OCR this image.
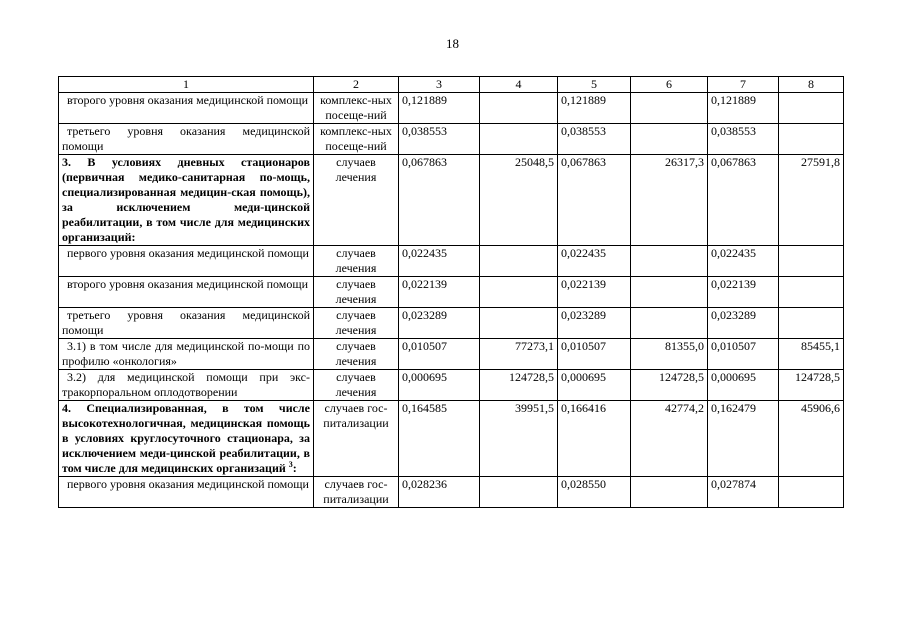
18
1	2	3	4	5	6	7	8
второго уровня оказания медицинской помощи	комплекс-ных посеще-ний	0,121889		0,121889		0,121889	
третьего уровня оказания медицинской помощи	комплекс-ных посеще-ний	0,038553		0,038553		0,038553	
3. В условиях дневных стационаров (первичная медико-санитарная по-мощь, специализированная медицин-ская помощь), за исключением меди-цинской реабилитации, в том числе для медицинских организаций:	случаев лечения	0,067863	25048,5	0,067863	26317,3	0,067863	27591,8
первого уровня оказания медицинской помощи	случаев лечения	0,022435		0,022435		0,022435	
второго уровня оказания медицинской помощи	случаев лечения	0,022139		0,022139		0,022139	
третьего уровня оказания медицинской помощи	случаев лечения	0,023289		0,023289		0,023289	
3.1) в том числе для медицинской по-мощи по профилю «онкология»	случаев лечения	0,010507	77273,1	0,010507	81355,0	0,010507	85455,1
3.2) для медицинской помощи при экс-тракорпоральном оплодотворении	случаев лечения	0,000695	124728,5	0,000695	124728,5	0,000695	124728,5
4. Специализированная, в том числе высокотехнологичная, медицинская помощь в условиях круглосуточного стационара, за исключением меди-цинской реабилитации, в том числе для медицинских организаций $^3$:	случаев гос-питализации	0,164585	39951,5	0,166416	42774,2	0,162479	45906,6
первого уровня оказания медицинской помощи	случаев гос-питализации	0,028236		0,028550		0,027874	
